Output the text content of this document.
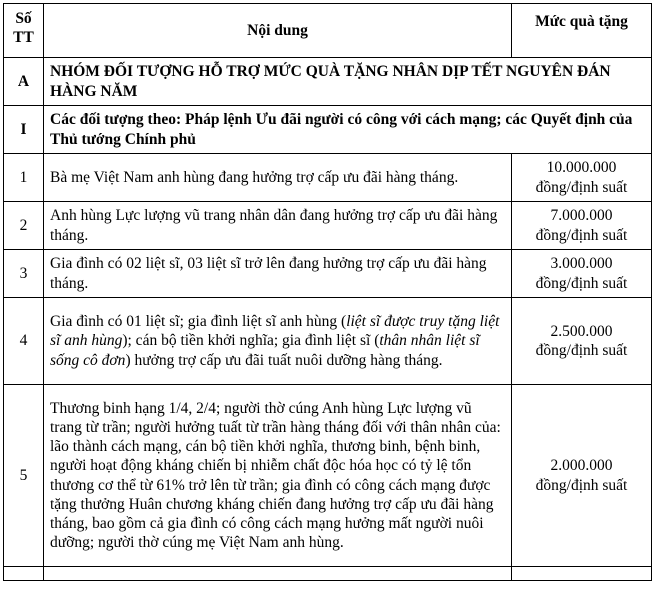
Số TT	Nội dung	Mức quà tặng
A	NHÓM ĐỐI TƯỢNG HỖ TRỢ MỨC QUÀ TẶNG NHÂN DỊP TẾT NGUYÊN ĐÁN HÀNG NĂM	
I	Các đối tượng theo: Pháp lệnh Ưu đãi người có công với cách mạng; các Quyết định của Thủ tướng Chính phủ	
1	Bà mẹ Việt Nam anh hùng đang hưởng trợ cấp ưu đãi hàng tháng.	10.000.000
đồng/định suất

2	Anh hùng Lực lượng vũ trang nhân dân đang hưởng trợ cấp ưu đãi hàng tháng.	7.000.000
đồng/định suất

3	Gia đình có 02 liệt sĩ, 03 liệt sĩ trở lên đang hưởng trợ cấp ưu đãi hàng tháng.	3.000.000
đồng/định suất

4	Gia đình có 01 liệt sĩ; gia đình liệt sĩ anh hùng (liệt sĩ được truy tặng liệt sĩ anh hùng); cán bộ tiền khởi nghĩa; gia đình liệt sĩ (thân nhân liệt sĩ sống cô đơn) hưởng trợ cấp ưu đãi tuất nuôi dưỡng hàng tháng.	2.500.000
đồng/định suất

5	Thương binh hạng 1/4, 2/4; người thờ cúng Anh hùng Lực lượng vũ trang từ trần; người hưởng tuất từ trần hàng tháng đối với thân nhân của: lão thành cách mạng, cán bộ tiền khởi nghĩa, thương binh, bệnh binh, người hoạt động kháng chiến bị nhiễm chất độc hóa học có tỷ lệ tổn thương cơ thể từ 61% trở lên từ trần; gia đình có công cách mạng được tặng thưởng Huân chương kháng chiến đang hưởng trợ cấp ưu đãi hàng tháng, bao gồm cả gia đình có công cách mạng hưởng mất người nuôi dưỡng; người thờ cúng mẹ Việt Nam anh hùng.	2.000.000
đồng/định suất
